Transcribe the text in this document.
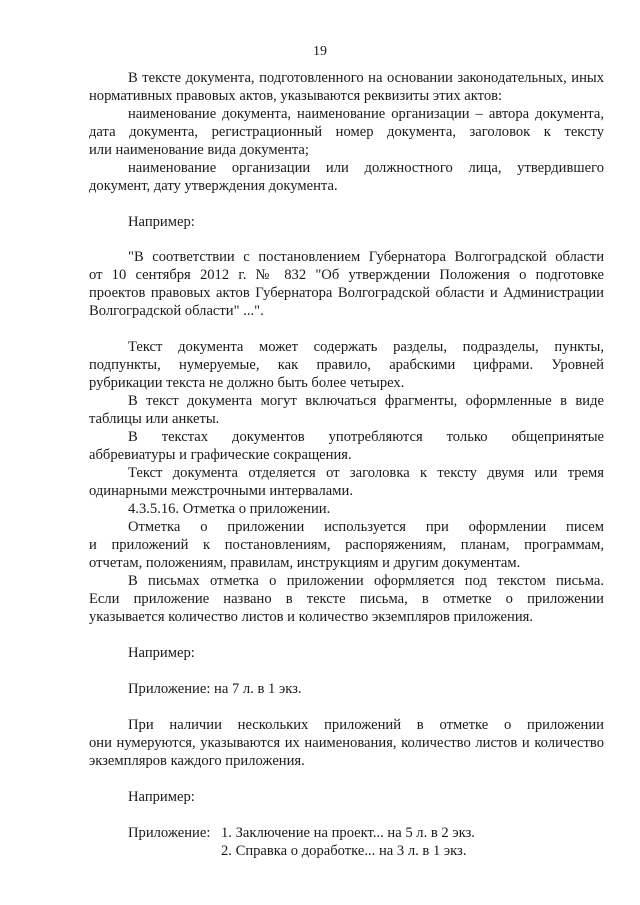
19
В тексте документа, подготовленного на основании законодательных, иных
нормативных правовых актов, указываются реквизиты этих актов:
наименование документа, наименование организации – автора документа,
дата документа, регистрационный номер документа, заголовок к тексту
или наименование вида документа;
наименование организации или должностного лица, утвердившего
документ, дату утверждения документа.
Например:
"В соответствии с постановлением Губернатора Волгоградской области
от 10 сентября 2012 г. № 832 "Об утверждении Положения о подготовке
проектов правовых актов Губернатора Волгоградской области и Администрации
Волгоградской области" ...".
Текст документа может содержать разделы, подразделы, пункты,
подпункты, нумеруемые, как правило, арабскими цифрами. Уровней
рубрикации текста не должно быть более четырех.
В текст документа могут включаться фрагменты, оформленные в виде
таблицы или анкеты.
В текстах документов употребляются только общепринятые
аббревиатуры и графические сокращения.
Текст документа отделяется от заголовка к тексту двумя или тремя
одинарными межстрочными интервалами.
4.3.5.16. Отметка о приложении.
Отметка о приложении используется при оформлении писем
и приложений к постановлениям, распоряжениям, планам, программам,
отчетам, положениям, правилам, инструкциям и другим документам.
В письмах отметка о приложении оформляется под текстом письма.
Если приложение названо в тексте письма, в отметке о приложении
указывается количество листов и количество экземпляров приложения.
Например:
Приложение: на 7 л. в 1 экз.
При наличии нескольких приложений в отметке о приложении
они нумеруются, указываются их наименования, количество листов и количество
экземпляров каждого приложения.
Например:
Приложение: 1. Заключение на проект... на 5 л. в 2 экз.
2. Справка о доработке... на 3 л. в 1 экз.
